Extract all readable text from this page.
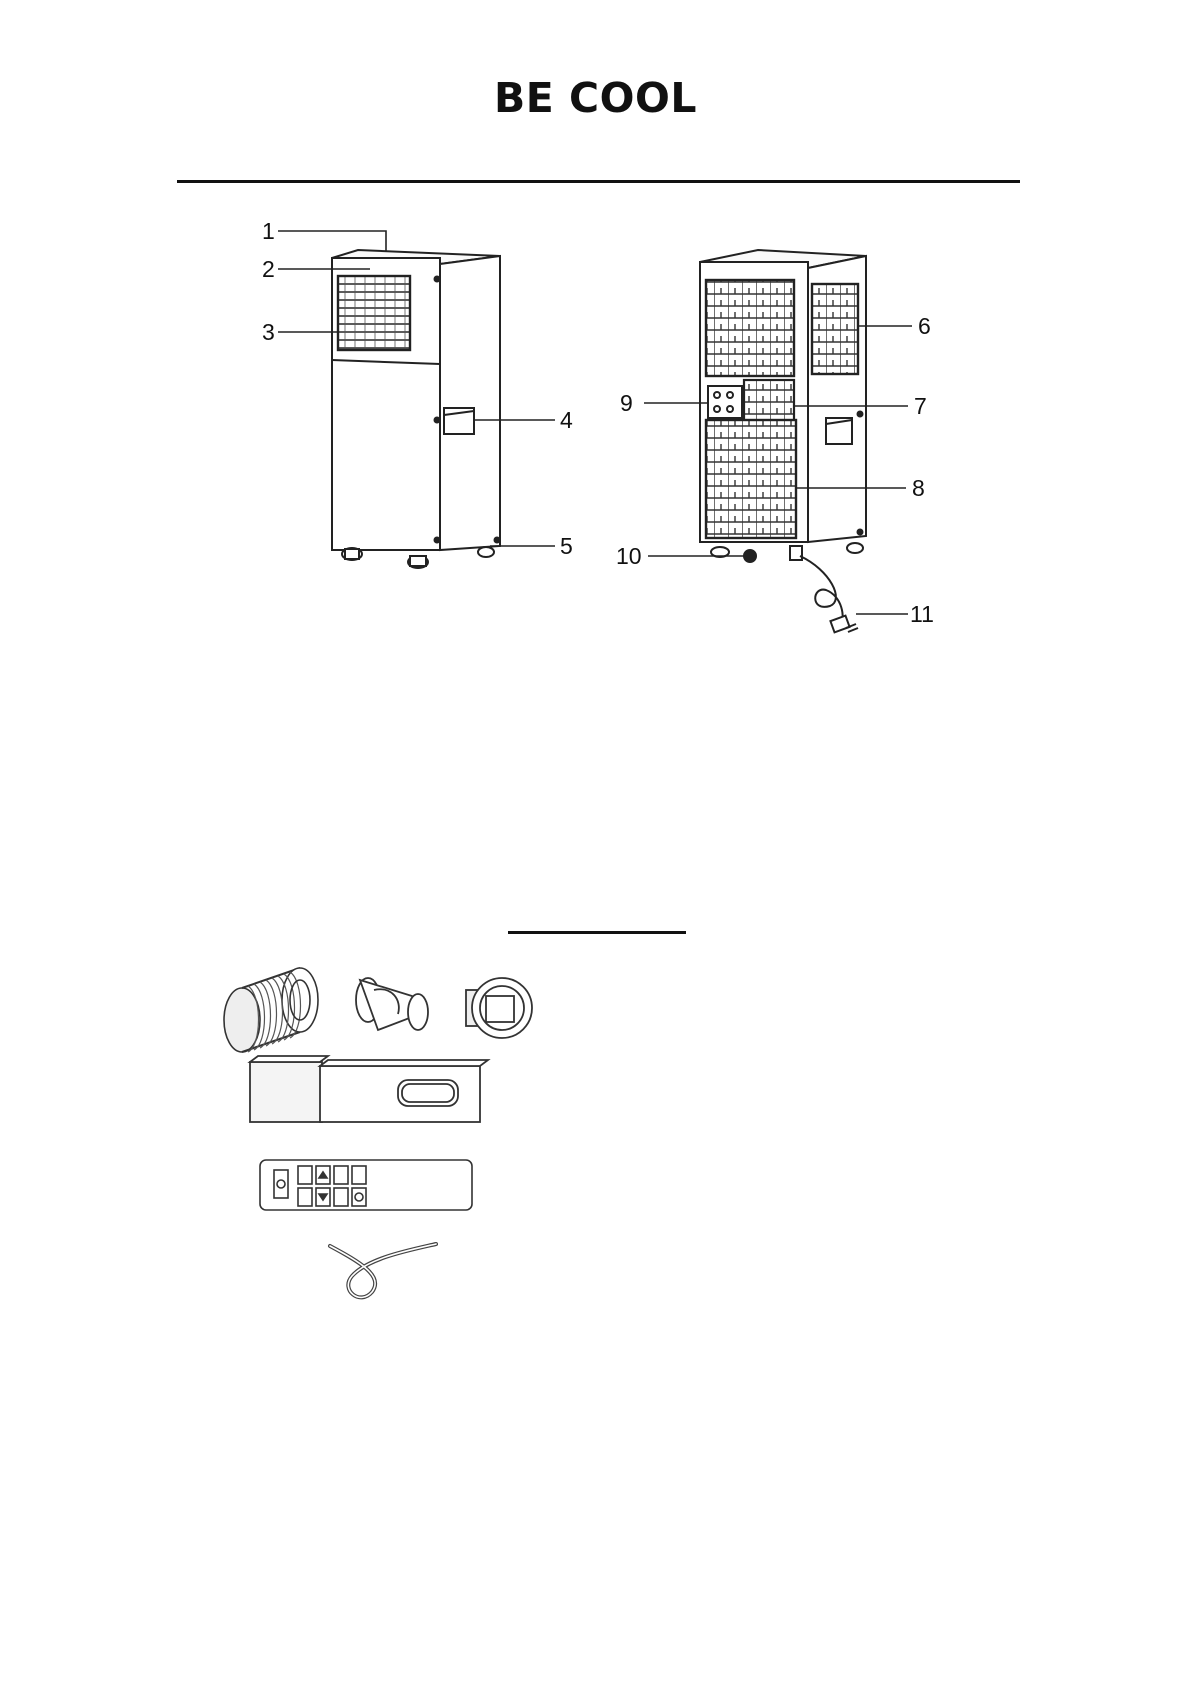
BE COOL
1
2
3
4
5
6
7
8
9
10
11
